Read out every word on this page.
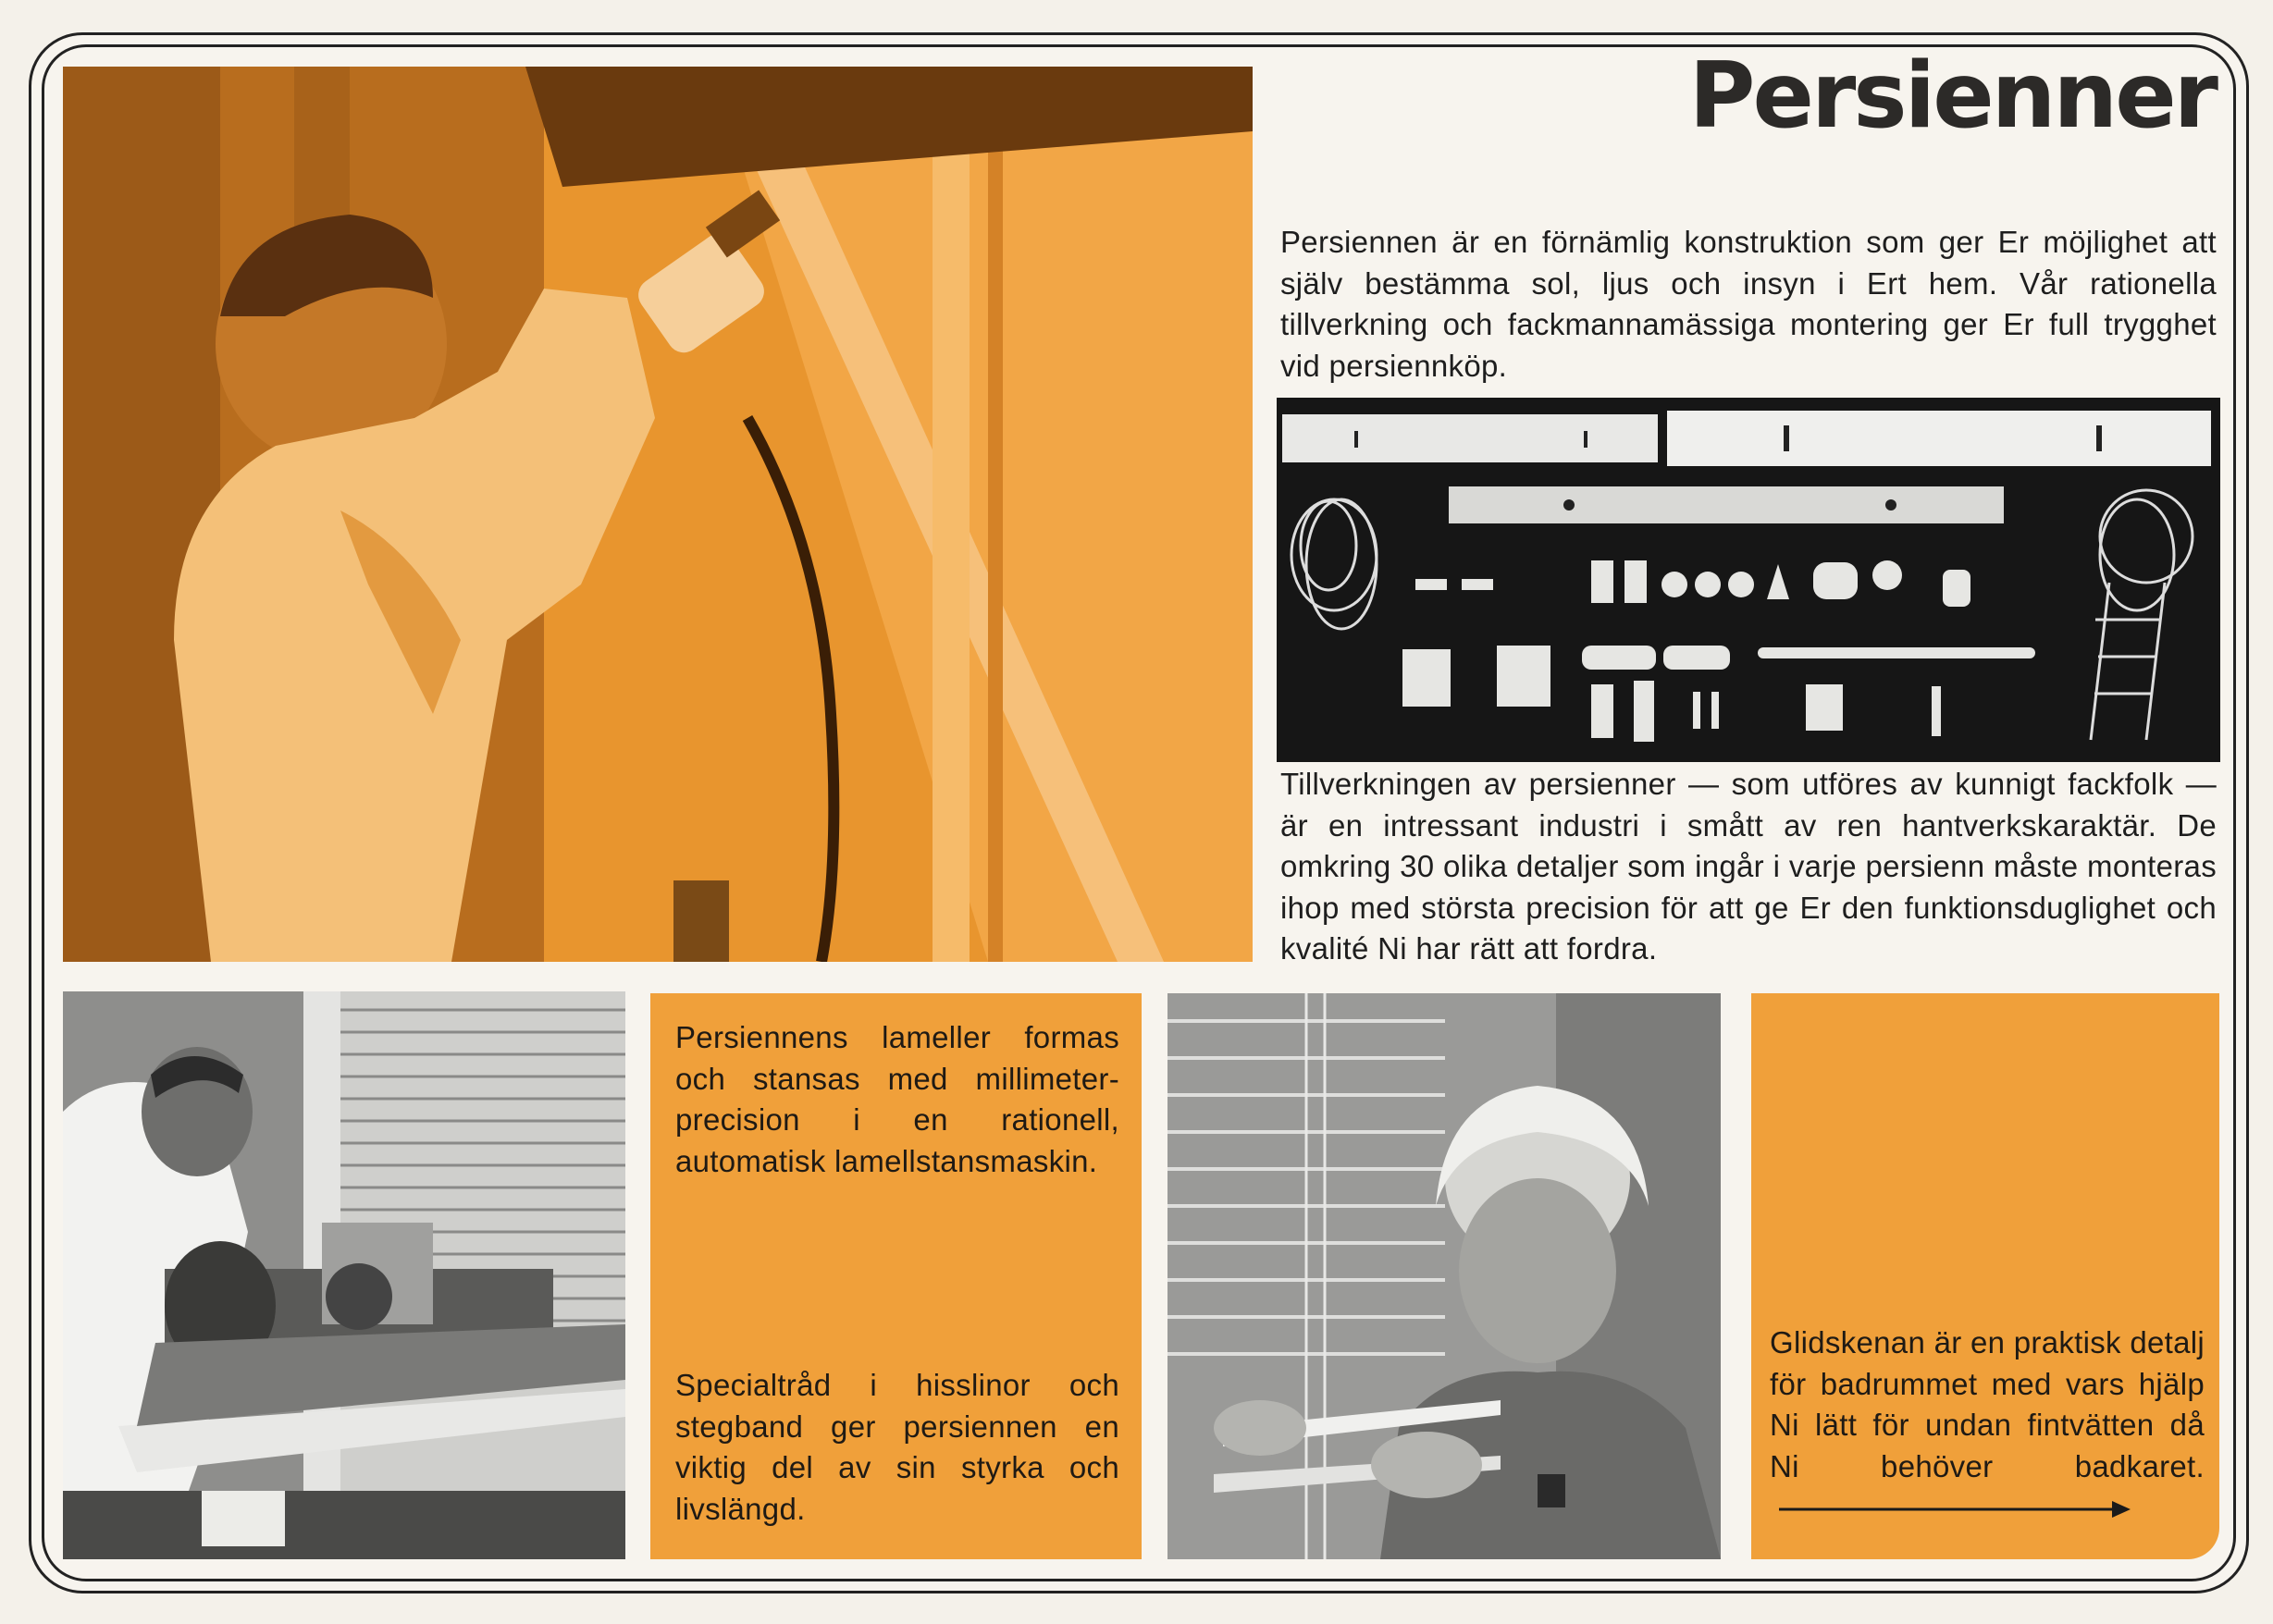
Persienner

Persiennen är en förnämlig konstruktion som ger Er möjlighet att själv bestämma sol, ljus och insyn i Ert hem. Vår rationella tillverkning och fackmannamässiga montering ger Er full trygghet vid persiennköp.

Tillverkningen av persienner — som utföres av kunnigt fackfolk — är en intressant industri i smått av ren hantverkskaraktär. De omkring 30 olika detaljer som ingår i varje persienn måste monteras ihop med största precision för att ge Er den funktionsduglighet och kvalité Ni har rätt att fordra.

Persiennens lameller formas och stansas med millimeter-precision i en rationell, automatisk lamellstansmaskin.

Specialtråd i hisslinor och stegband ger persiennen en viktig del av sin styrka och livslängd.

Glidskenan är en praktisk detalj för badrummet med vars hjälp Ni lätt för undan fintvätten då Ni behöver badkaret.
